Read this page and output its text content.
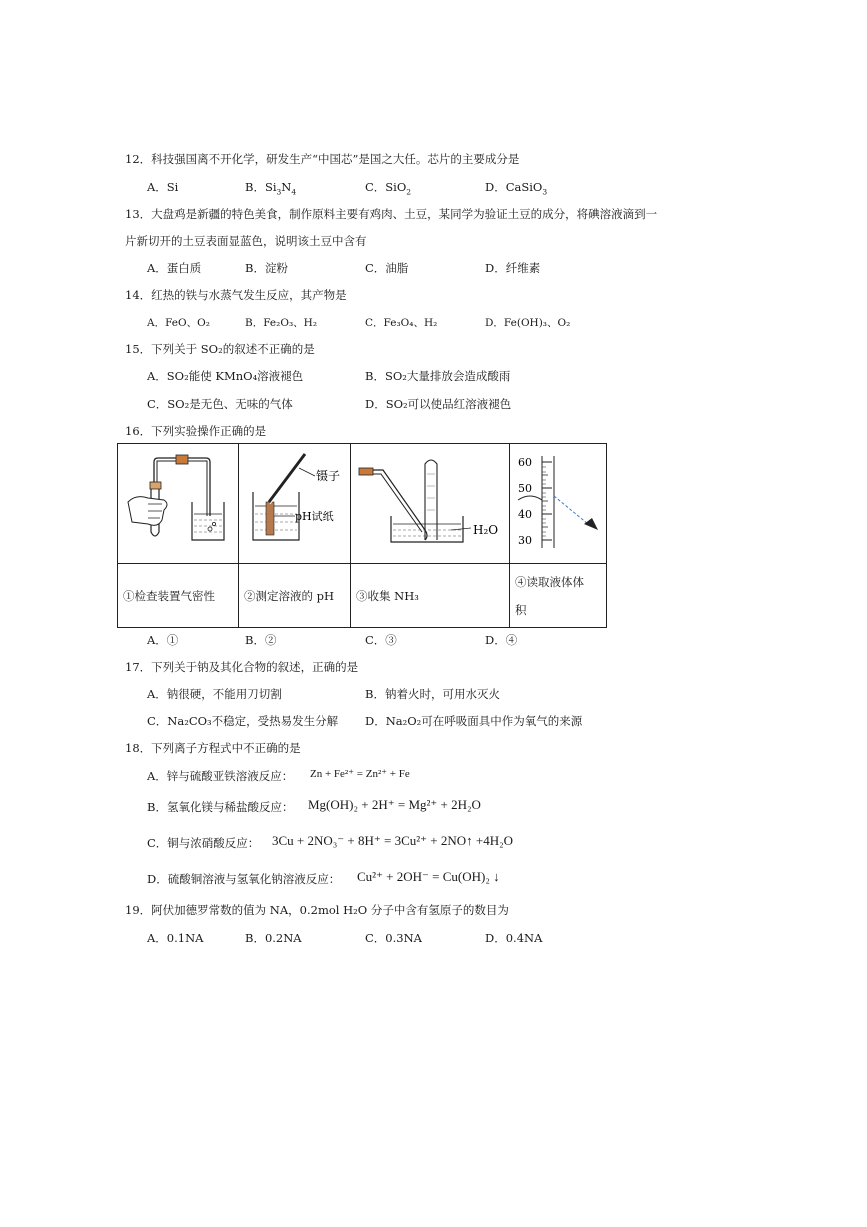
12．科技强国离不开化学，研发生产“中国芯”是国之大任。芯片的主要成分是
A．Si	B．$Si_3N_4$	C．SiO$_2$	D．CaSiO$_3$
13．大盘鸡是新疆的特色美食，制作原料主要有鸡肉、土豆，某同学为验证土豆的成分，将碘溶液滴到一
片新切开的土豆表面显蓝色，说明该土豆中含有
A．蛋白质	B．淀粉	C．油脂	D．纤维素
14．红热的铁与水蒸气发生反应，其产物是
A．FeO、O₂	B．Fe₂O₃、H₂	C．Fe₃O₄、H₂	D．Fe(OH)₃、O₂
15．下列关于 SO₂的叙述不正确的是
A．SO₂能使 KMnO₄溶液褪色	B．SO₂大量排放会造成酸雨
C．SO₂是无色、无味的气体	D．SO₂可以使品红溶液褪色
16．下列实验操作正确的是

镊子
pH试纸	H₂O	60
50
40
30

①检查装置气密性	②测定溶液的 pH	③收集 NH₃	④读取液体体
积
A．①	B．②	C．③	D．④
17．下列关于钠及其化合物的叙述，正确的是
A．钠很硬，不能用刀切割	B．钠着火时，可用水灭火
C．Na₂CO₃不稳定，受热易发生分解 D．Na₂O₂可在呼吸面具中作为氧气的来源
18．下列离子方程式中不正确的是
A．锌与硫酸亚铁溶液反应： Zn + Fe²⁺ = Zn²⁺ + Fe
B．氢氧化镁与稀盐酸反应： Mg(OH)₂ + 2H⁺ = Mg²⁺ + 2H₂O
C．铜与浓硝酸反应： 3Cu + 2NO₃⁻ + 8H⁺ = 3Cu²⁺ + 2NO↑ +4H₂O
D．硫酸铜溶液与氢氧化钠溶液反应： Cu²⁺ + 2OH⁻ = Cu(OH)₂ ↓
19．阿伏加德罗常数的值为 NA，0.2mol H₂O 分子中含有氢原子的数目为
A．0.1NA	B．0.2NA	C．0.3NA	D．0.4NA
